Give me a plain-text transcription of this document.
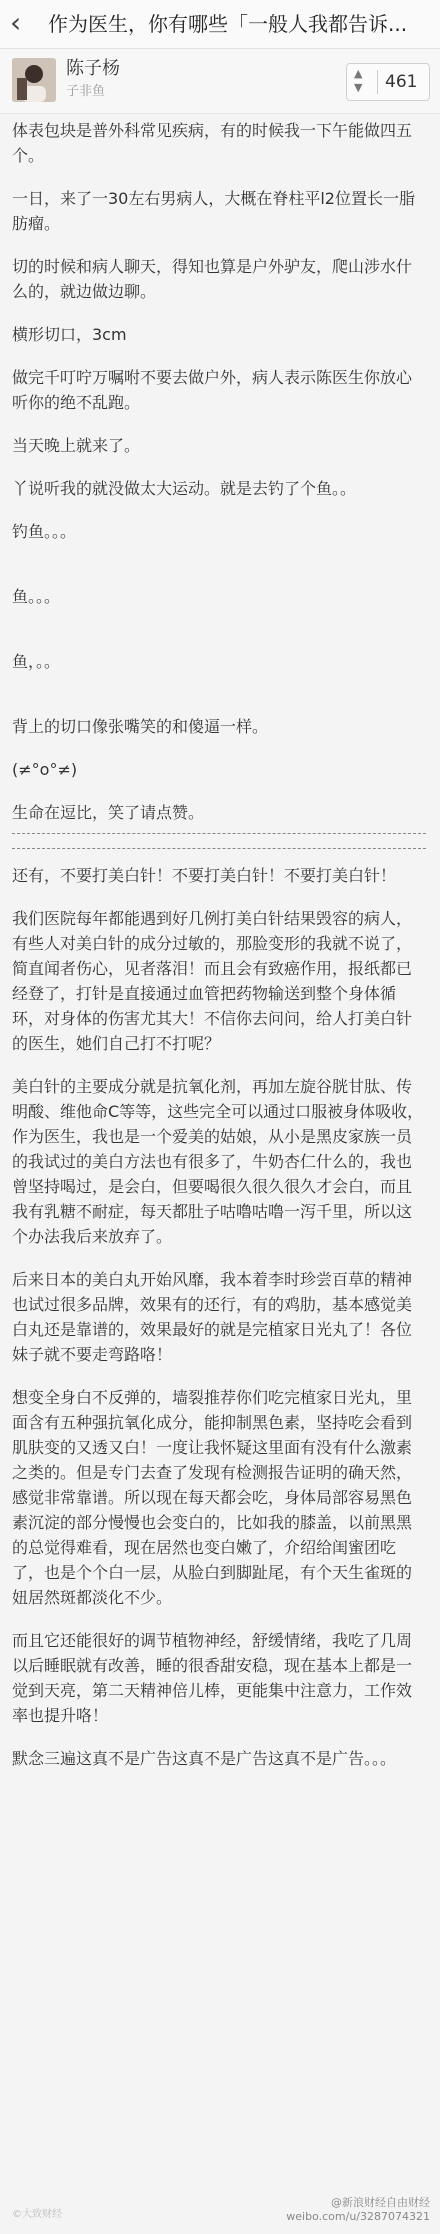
‹ 作为医生，你有哪些「一般人我都告诉...
陈子杨
子非鱼
▲
▼ 461

体表包块是普外科常见疾病，有的时候我一下午能做四五个。

一日，来了一30左右男病人，大概在脊柱平l2位置长一脂肪瘤。

切的时候和病人聊天，得知也算是户外驴友，爬山涉水什么的，就边做边聊。

横形切口，3cm

做完千叮咛万嘱咐不要去做户外，病人表示陈医生你放心听你的绝不乱跑。

当天晚上就来了。

丫说听我的就没做太大运动。就是去钓了个鱼。。

钓鱼。。。

鱼。。。

鱼，。。

背上的切口像张嘴笑的和傻逼一样。

(≠°o°≠)

生命在逗比，笑了请点赞。

还有，不要打美白针！不要打美白针！不要打美白针！

我们医院每年都能遇到好几例打美白针结果毁容的病人，有些人对美白针的成分过敏的，那脸变形的我就不说了，简直闻者伤心，见者落泪！而且会有致癌作用，报纸都已经登了，打针是直接通过血管把药物输送到整个身体循环，对身体的伤害尤其大！不信你去问问，给人打美白针的医生，她们自己打不打呢？

美白针的主要成分就是抗氧化剂，再加左旋谷胱甘肽、传明酸、维他命C等等，这些完全可以通过口服被身体吸收，作为医生，我也是一个爱美的姑娘，从小是黑皮家族一员的我试过的美白方法也有很多了，牛奶杏仁什么的，我也曾坚持喝过，是会白，但要喝很久很久很久才会白，而且我有乳糖不耐症，每天都肚子咕噜咕噜一泻千里，所以这个办法我后来放弃了。

后来日本的美白丸开始风靡，我本着李时珍尝百草的精神也试过很多品牌，效果有的还行，有的鸡肋，基本感觉美白丸还是靠谱的，效果最好的就是完植家日光丸了！各位妹子就不要走弯路咯！

想变全身白不反弹的，墙裂推荐你们吃完植家日光丸，里面含有五种强抗氧化成分，能抑制黑色素，坚持吃会看到肌肤变的又透又白！一度让我怀疑这里面有没有什么激素之类的。但是专门去查了发现有检测报告证明的确天然，感觉非常靠谱。所以现在每天都会吃，身体局部容易黑色素沉淀的部分慢慢也会变白的，比如我的膝盖，以前黑黑的总觉得难看，现在居然也变白嫩了，介绍给闺蜜团吃了，也是个个白一层，从脸白到脚趾尾，有个天生雀斑的妞居然斑都淡化不少。

而且它还能很好的调节植物神经，舒缓情绪，我吃了几周以后睡眠就有改善，睡的很香甜安稳，现在基本上都是一觉到天亮，第二天精神倍儿棒，更能集中注意力，工作效率也提升咯！

默念三遍这真不是广告这真不是广告这真不是广告。。。

©大致财经
@新浪财经自由财经
weibo.com/u/3287074321
